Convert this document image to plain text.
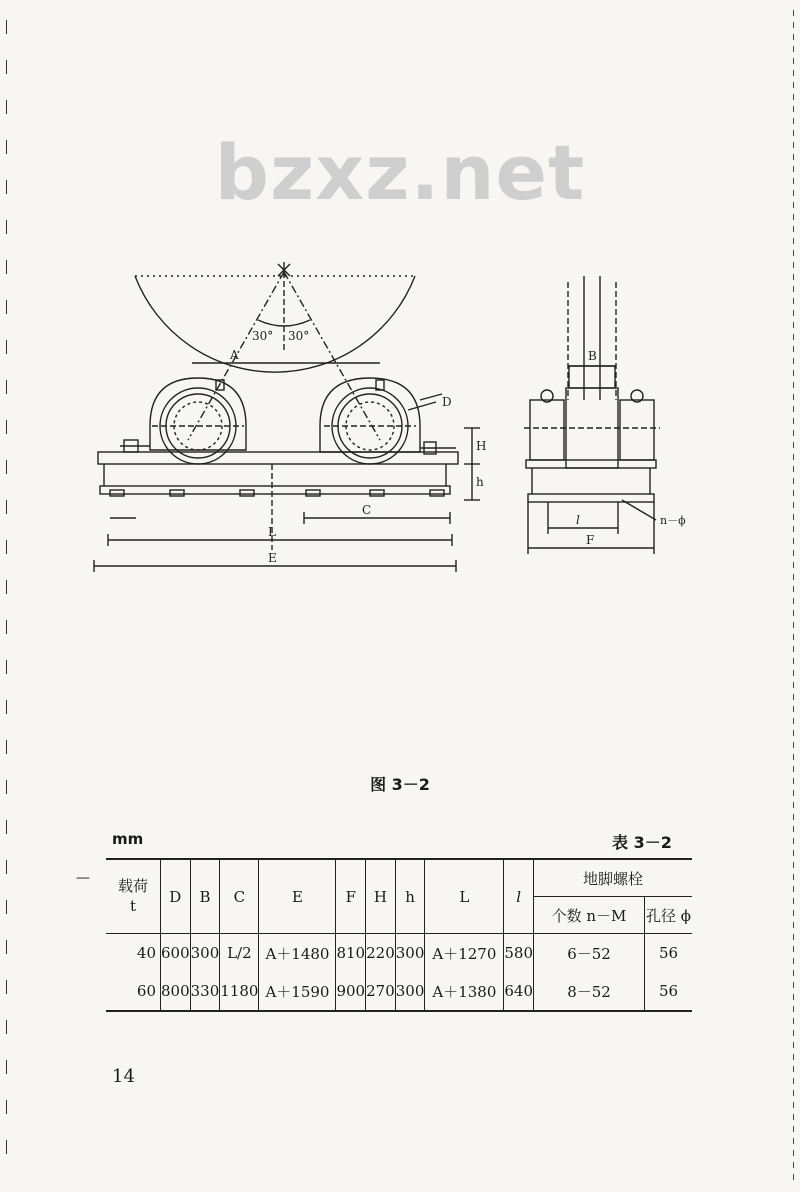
bzxz.net
30° 30°
A
D
H
h
C
L
E
B
l
F
n－ϕ
图 3－2
mm	表 3－2
—	载荷
t	D	B	C	E	F	H	h	L	l	地脚螺栓	
										个数 n－M	孔径 ϕ
40	600	300	L/2	A＋1480	810	220	300	A＋1270	580	6－52	56
60	800	330	1180	A＋1590	900	270	300	A＋1380	640	8－52	56
14
